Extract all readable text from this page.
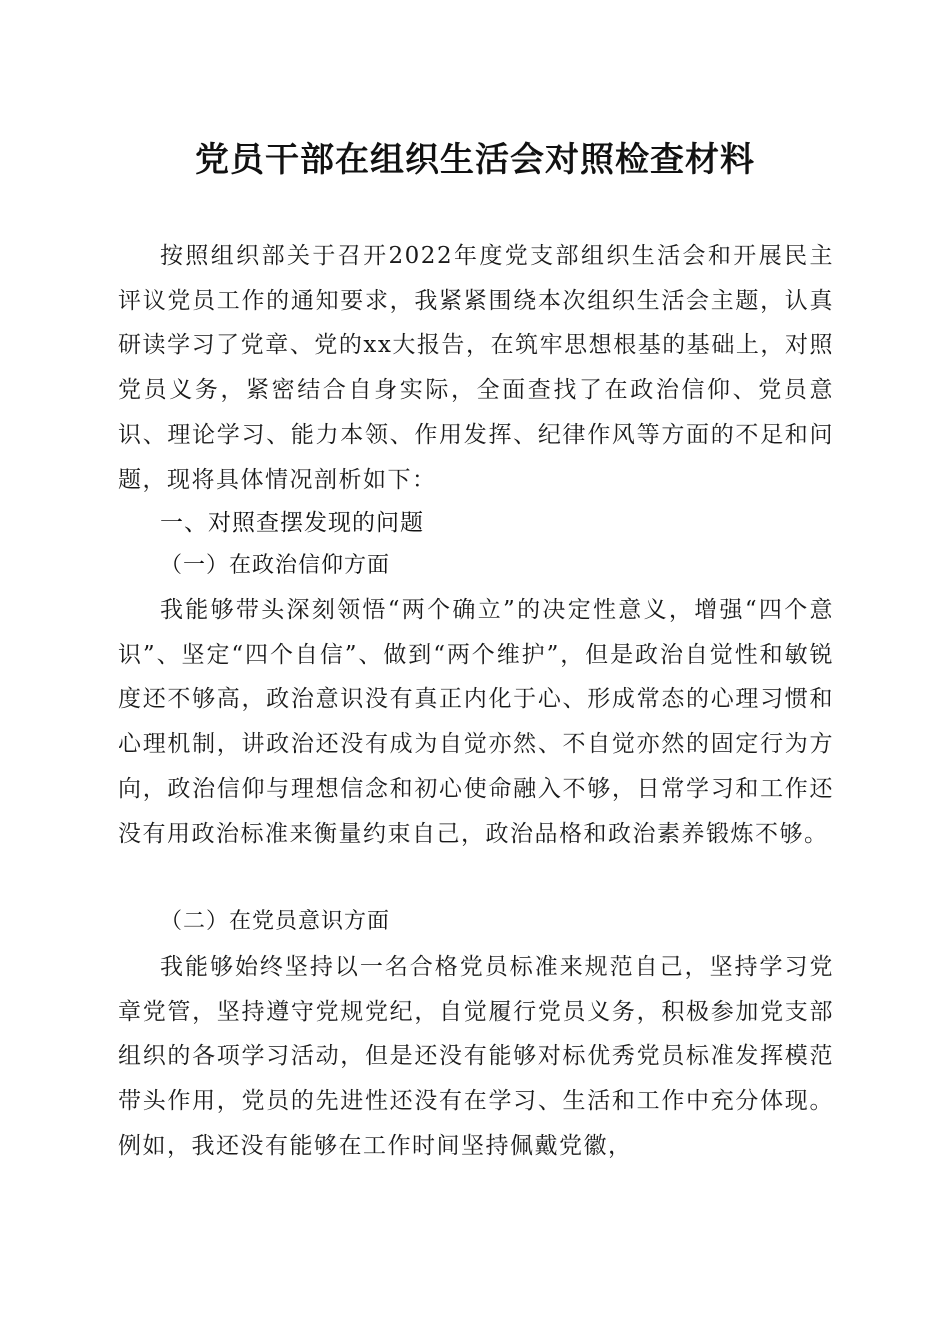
党员干部在组织生活会对照检查材料
按照组织部关于召开2022年度党支部组织生活会和开展民主评议党员工作的通知要求，我紧紧围绕本次组织生活会主题，认真研读学习了党章、党的xx大报告，在筑牢思想根基的基础上，对照党员义务，紧密结合自身实际，全面查找了在政治信仰、党员意识、理论学习、能力本领、作用发挥、纪律作风等方面的不足和问题，现将具体情况剖析如下：
一、对照查摆发现的问题
（一）在政治信仰方面
我能够带头深刻领悟“两个确立”的决定性意义，增强“四个意识”、坚定“四个自信”、做到“两个维护”，但是政治自觉性和敏锐度还不够高，政治意识没有真正内化于心、形成常态的心理习惯和心理机制，讲政治还没有成为自觉亦然、不自觉亦然的固定行为方向，政治信仰与理想信念和初心使命融入不够，日常学习和工作还没有用政治标准来衡量约束自己，政治品格和政治素养锻炼不够。
（二）在党员意识方面
我能够始终坚持以一名合格党员标准来规范自己，坚持学习党章党管，坚持遵守党规党纪，自觉履行党员义务，积极参加党支部组织的各项学习活动，但是还没有能够对标优秀党员标准发挥模范带头作用，党员的先进性还没有在学习、生活和工作中充分体现。例如，我还没有能够在工作时间坚持佩戴党徽，
